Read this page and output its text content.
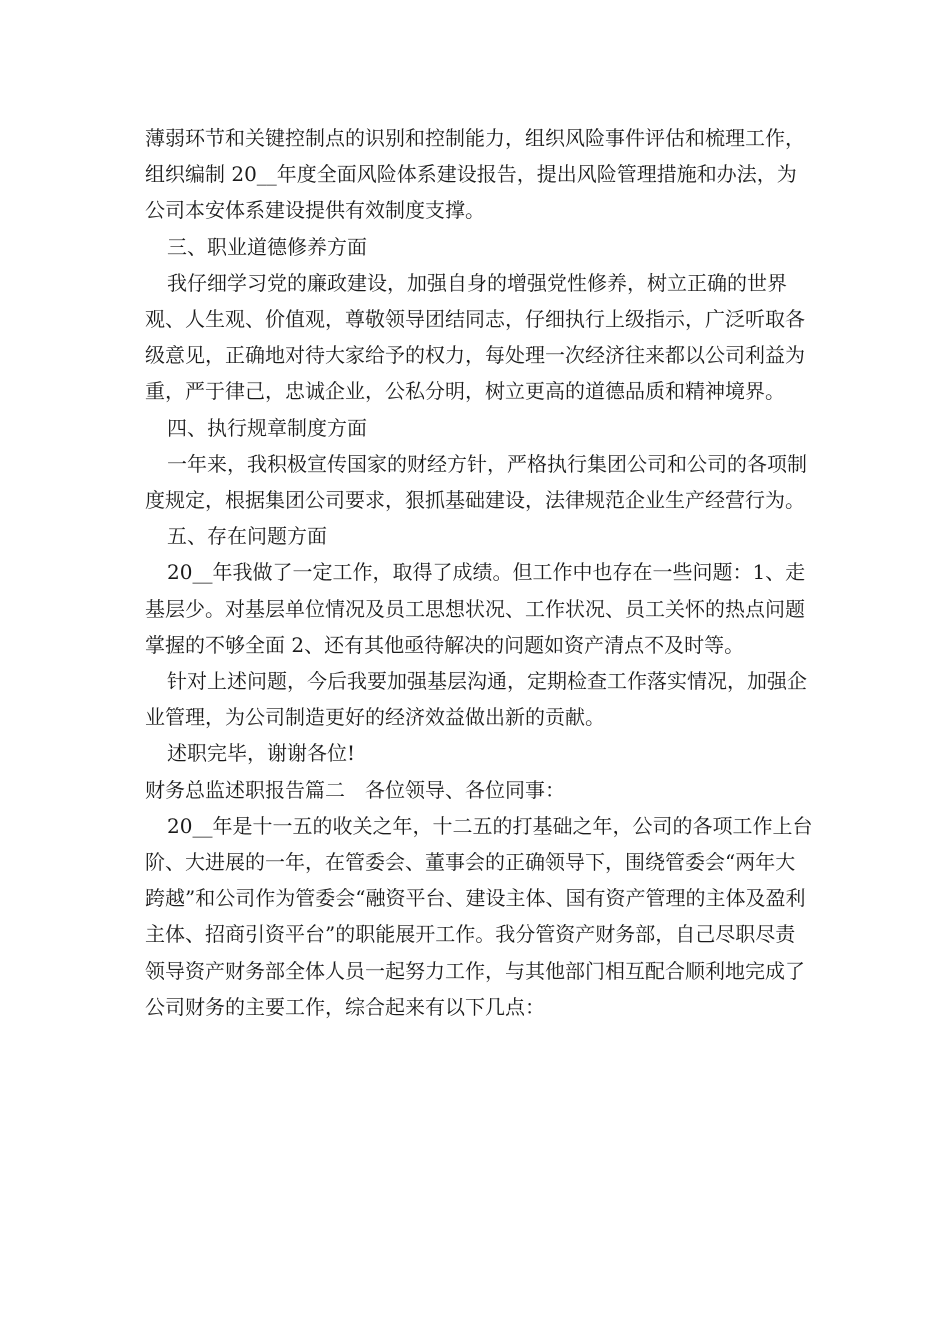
薄弱环节和关键控制点的识别和控制能力，组织风险事件评估和梳理工作，组织编制 20__年度全面风险体系建设报告，提出风险管理措施和办法，为公司本安体系建设提供有效制度支撑。

三、职业道德修养方面

我仔细学习党的廉政建设，加强自身的增强党性修养，树立正确的世界观、人生观、价值观，尊敬领导团结同志，仔细执行上级指示，广泛听取各级意见，正确地对待大家给予的权力，每处理一次经济往来都以公司利益为重，严于律己，忠诚企业，公私分明，树立更高的道德品质和精神境界。

四、执行规章制度方面

一年来，我积极宣传国家的财经方针，严格执行集团公司和公司的各项制度规定，根据集团公司要求，狠抓基础建设，法律规范企业生产经营行为。

五、存在问题方面

20__年我做了一定工作，取得了成绩。但工作中也存在一些问题：1、走基层少。对基层单位情况及员工思想状况、工作状况、员工关怀的热点问题掌握的不够全面 2、还有其他亟待解决的问题如资产清点不及时等。

针对上述问题，今后我要加强基层沟通，定期检查工作落实情况，加强企业管理，为公司制造更好的经济效益做出新的贡献。

述职完毕，谢谢各位!

财务总监述职报告篇二　各位领导、各位同事：

20__年是十一五的收关之年，十二五的打基础之年，公司的各项工作上台阶、大进展的一年，在管委会、董事会的正确领导下，围绕管委会“两年大跨越”和公司作为管委会“融资平台、建设主体、国有资产管理的主体及盈利主体、招商引资平台”的职能展开工作。我分管资产财务部，自己尽职尽责领导资产财务部全体人员一起努力工作，与其他部门相互配合顺利地完成了公司财务的主要工作，综合起来有以下几点：
